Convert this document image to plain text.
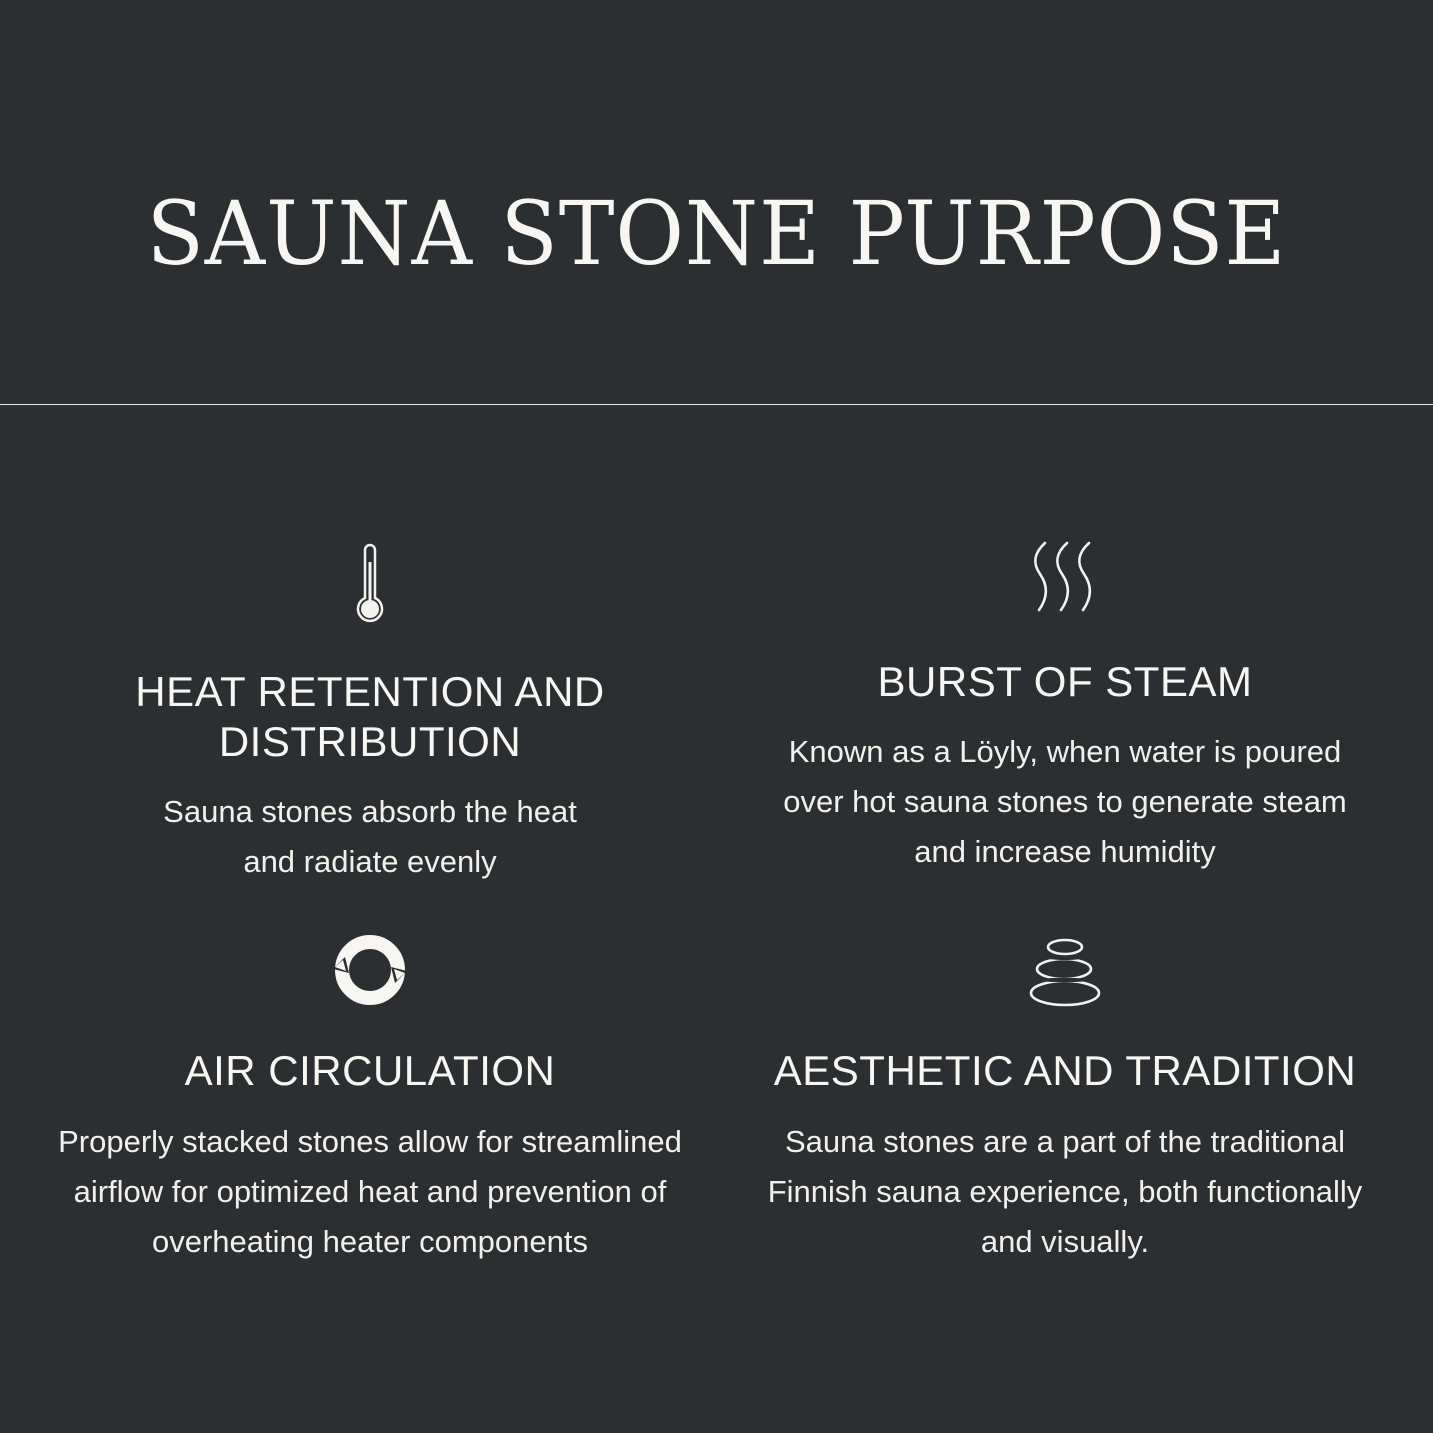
SAUNA STONE PURPOSE
HEAT RETENTION AND
DISTRIBUTION

Sauna stones absorb the heat
and radiate evenly

BURST OF STEAM

Known as a Löyly, when water is poured
over hot sauna stones to generate steam
and increase humidity

AIR CIRCULATION

Properly stacked stones allow for streamlined
airflow for optimized heat and prevention of
overheating heater components

AESTHETIC AND TRADITION

Sauna stones are a part of the traditional
Finnish sauna experience, both functionally
and visually.
